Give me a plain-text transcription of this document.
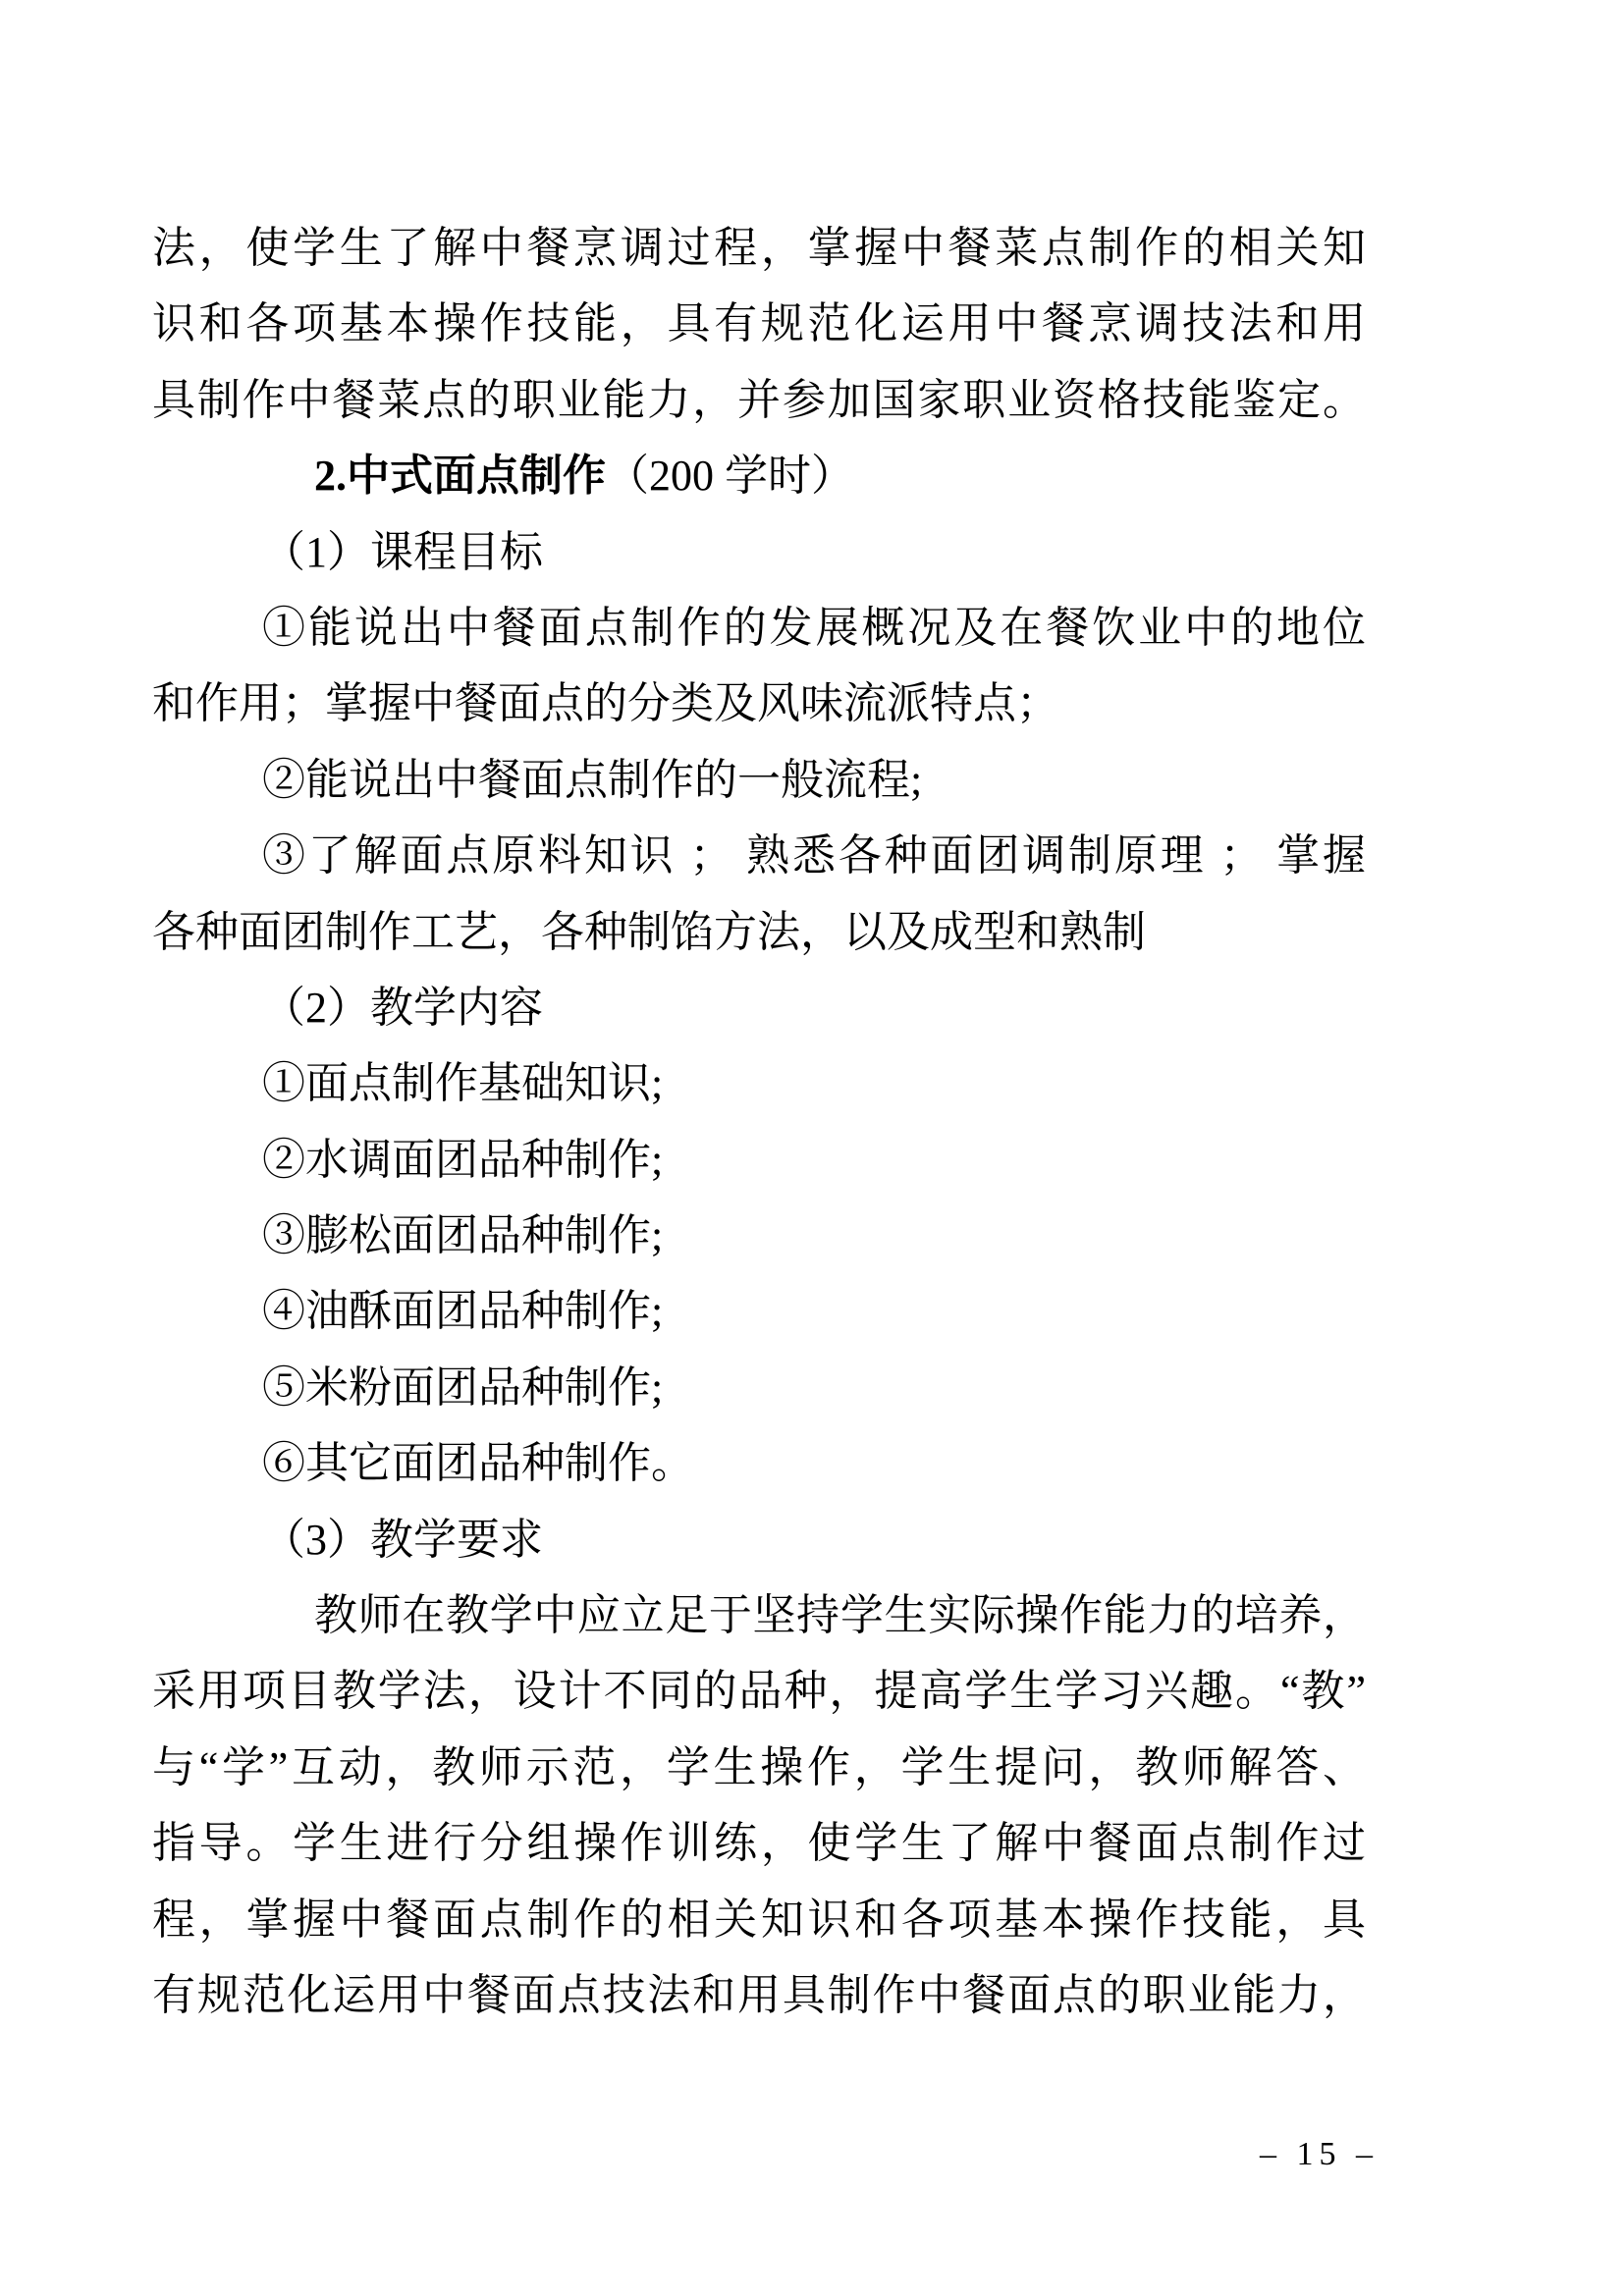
法，使学生了解中餐烹调过程，掌握中餐菜点制作的相关知
识和各项基本操作技能，具有规范化运用中餐烹调技法和用
具制作中餐菜点的职业能力，并参加国家职业资格技能鉴定。
2.中式面点制作（200 学时）
（1）课程目标
①能说出中餐面点制作的发展概况及在餐饮业中的地位
和作用；掌握中餐面点的分类及风味流派特点；
②能说出中餐面点制作的一般流程;
③了解面点原料知识 ； 熟悉各种面团调制原理 ； 掌握
各种面团制作工艺，各种制馅方法，以及成型和熟制
（2）教学内容
①面点制作基础知识;
②水调面团品种制作;
③膨松面团品种制作;
④油酥面团品种制作;
⑤米粉面团品种制作;
⑥其它面团品种制作。
（3）教学要求
教师在教学中应立足于坚持学生实际操作能力的培养，
采用项目教学法，设计不同的品种，提高学生学习兴趣。“教”
与“学”互动，教师示范，学生操作，学生提问，教师解答、
指导。学生进行分组操作训练，使学生了解中餐面点制作过
程，掌握中餐面点制作的相关知识和各项基本操作技能，具
有规范化运用中餐面点技法和用具制作中餐面点的职业能力，
– 15 –
